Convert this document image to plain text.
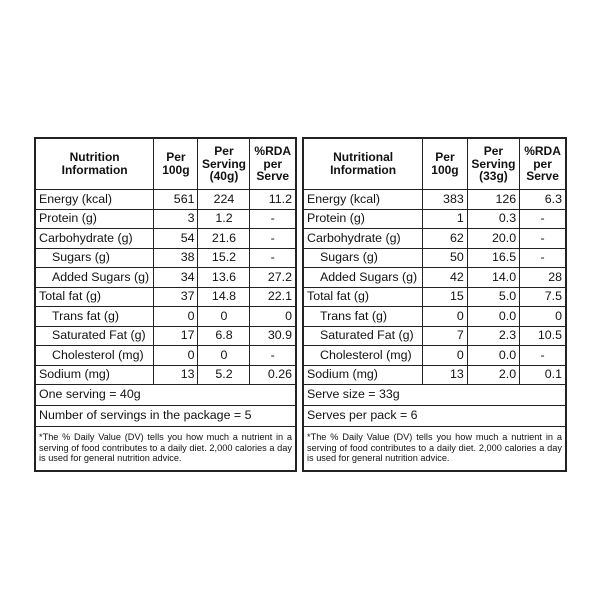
Nutrition Information	Per 100g	Per Serving (40g)	%RDA per Serve
Energy (kcal)	561	224	11.2
Protein (g)	3	1.2	-
Carbohydrate (g)	54	21.6	-
Sugars (g)	38	15.2	-
Added Sugars (g)	34	13.6	27.2
Total fat (g)	37	14.8	22.1
Trans fat (g)	0	0	0
Saturated Fat (g)	17	6.8	30.9
Cholesterol (mg)	0	0	-
Sodium (mg)	13	5.2	0.26
One serving = 40g			
Number of servings in the package = 5			
*The % Daily Value (DV) tells you how much a nutrient in a serving of food contributes to a daily diet. 2,000 calories a day is used for general nutrition advice.			
Nutritional Information	Per 100g	Per Serving (33g)	%RDA per Serve
Energy (kcal)	383	126	6.3
Protein (g)	1	0.3	-
Carbohydrate (g)	62	20.0	-
Sugars (g)	50	16.5	-
Added Sugars (g)	42	14.0	28
Total fat (g)	15	5.0	7.5
Trans fat (g)	0	0.0	0
Saturated Fat (g)	7	2.3	10.5
Cholesterol (mg)	0	0.0	-
Sodium (mg)	13	2.0	0.1
Serve size = 33g			
Serves per pack = 6			
*The % Daily Value (DV) tells you how much a nutrient in a serving of food contributes to a daily diet. 2,000 calories a day is used for general nutrition advice.			
